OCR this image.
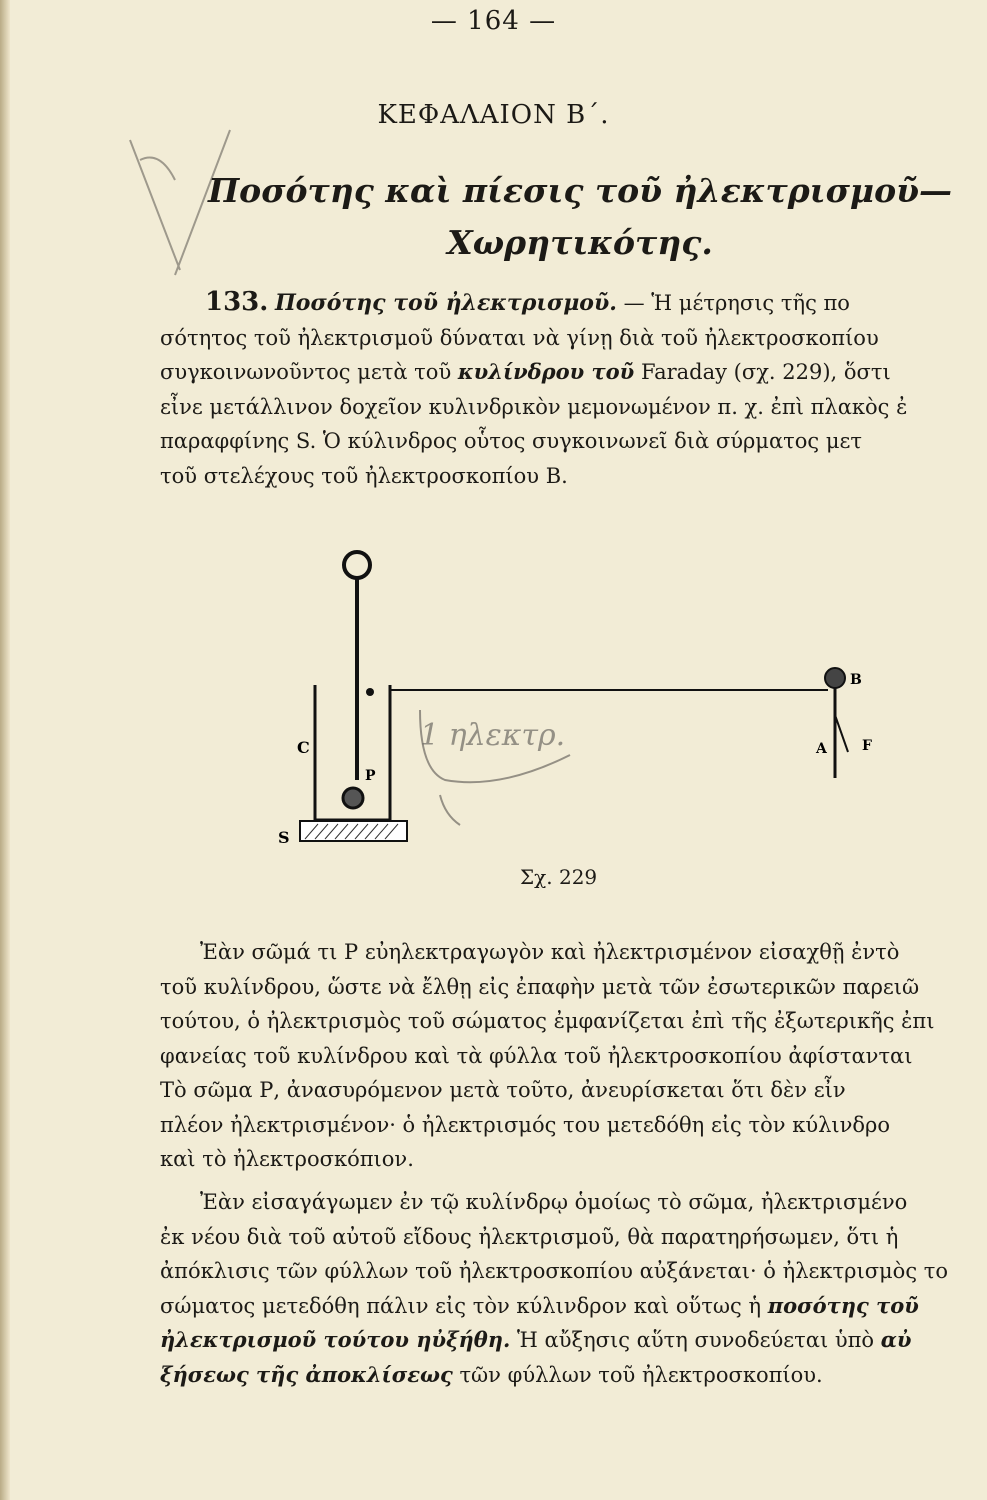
— 164 —
ΚΕΦΑΛΑΙΟΝ Β΄.
Ποσότης καὶ πίεσις τοῦ ἠλεκτρισμοῦ—
Χωρητικότης.

133. Ποσότης τοῦ ἠλεκτρισμοῦ. — Ἡ μέτρησις τῆς πο

σότητος τοῦ ἠλεκτρισμοῦ δύναται νὰ γίνῃ διὰ τοῦ ἠλεκτροσκοπίου

συγκοινωνοῦντος μετὰ τοῦ κυλίνδρου τοῦ Faraday (σχ. 229), ὅστι

εἶνε μετάλλινον δοχεῖον κυλινδρικὸν μεμονωμένον π. χ. ἐπὶ πλακὸς ἐ

παραφφίνης S. Ὁ κύλινδρος οὗτος συγκοινωνεῖ διὰ σύρματος μετ

τοῦ στελέχους τοῦ ἠλεκτροσκοπίου Β.

1 ηλεκτρ.
C
S
P
B
A	F
Σχ. 229

Ἐὰν σῶμά τι Ρ εὐηλεκτραγωγὸν καὶ ἠλεκτρισμένον εἰσαχθῇ ἐντὸ

τοῦ κυλίνδρου, ὥστε νὰ ἔλθῃ εἰς ἐπαφὴν μετὰ τῶν ἐσωτερικῶν παρειῶ

τούτου, ὁ ἠλεκτρισμὸς τοῦ σώματος ἐμφανίζεται ἐπὶ τῆς ἐξωτερικῆς ἐπι

φανείας τοῦ κυλίνδρου καὶ τὰ φύλλα τοῦ ἠλεκτροσκοπίου ἀφίστανται

Τὸ σῶμα Ρ, ἀνασυρόμενον μετὰ τοῦτο, ἀνευρίσκεται ὅτι δὲν εἶν

πλέον ἠλεκτρισμένον· ὁ ἠλεκτρισμός του μετεδόθη εἰς τὸν κύλινδρο

καὶ τὸ ἠλεκτροσκόπιον.

Ἐὰν εἰσαγάγωμεν ἐν τῷ κυλίνδρῳ ὁμοίως τὸ σῶμα, ἠλεκτρισμένο

ἐκ νέου διὰ τοῦ αὐτοῦ εἴδους ἠλεκτρισμοῦ, θὰ παρατηρήσωμεν, ὅτι ἡ

ἀπόκλισις τῶν φύλλων τοῦ ἠλεκτροσκοπίου αὐξάνεται· ὁ ἠλεκτρισμὸς το

σώματος μετεδόθη πάλιν εἰς τὸν κύλινδρον καὶ οὕτως ἡ ποσότης τοῦ

ἠλεκτρισμοῦ τούτου ηὐξήθη. Ἡ αὔξησις αὕτη συνοδεύεται ὑπὸ αὐ

ξήσεως τῆς ἀποκλίσεως τῶν φύλλων τοῦ ἠλεκτροσκοπίου.
